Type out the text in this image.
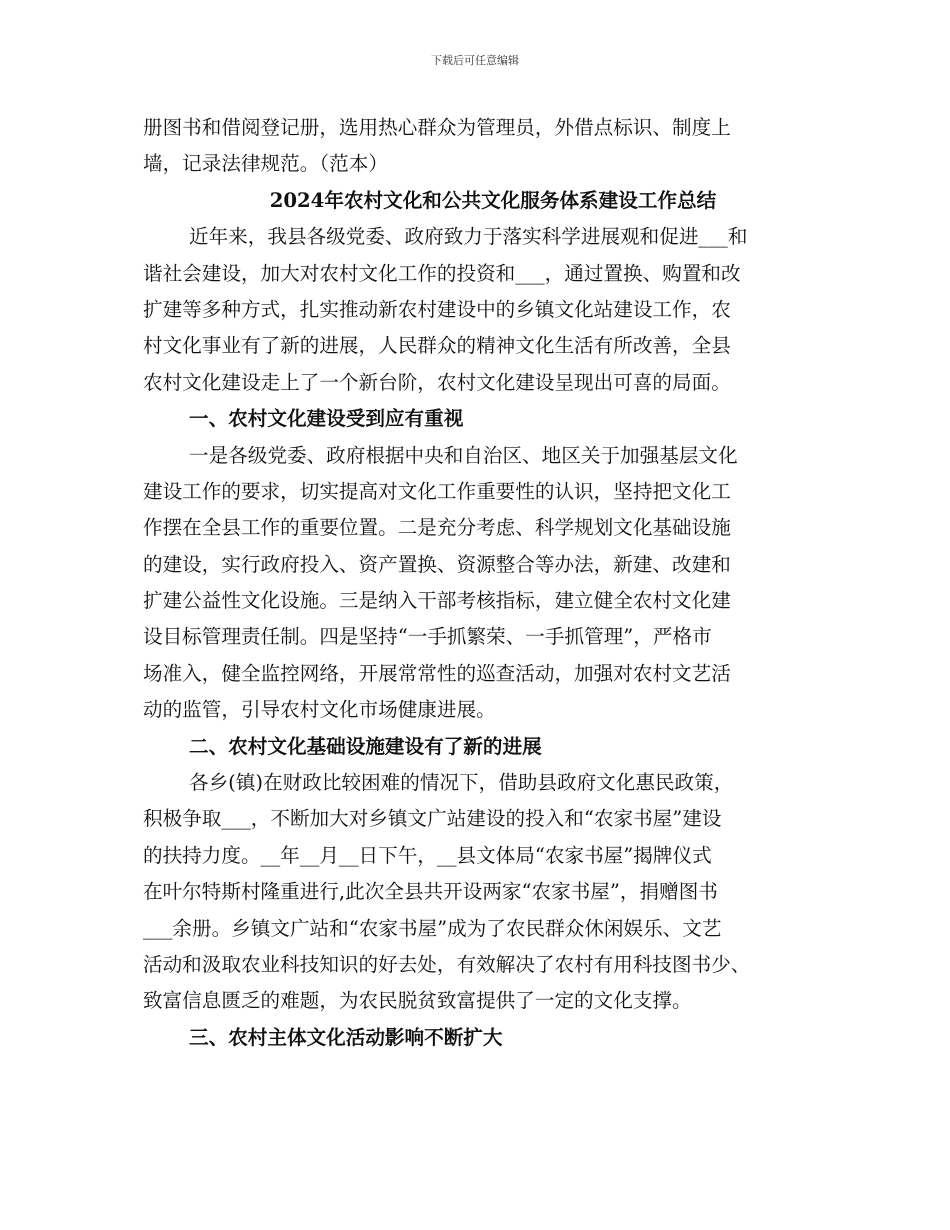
下载后可任意编辑
册图书和借阅登记册，选用热心群众为管理员，外借点标识、制度上
墙，记录法律规范。（范本）
2024年农村文化和公共文化服务体系建设工作总结
近年来，我县各级党委、政府致力于落实科学进展观和促进___和
谐社会建设，加大对农村文化工作的投资和___，通过置换、购置和改
扩建等多种方式，扎实推动新农村建设中的乡镇文化站建设工作，农
村文化事业有了新的进展，人民群众的精神文化生活有所改善，全县
农村文化建设走上了一个新台阶，农村文化建设呈现出可喜的局面。
一、农村文化建设受到应有重视
一是各级党委、政府根据中央和自治区、地区关于加强基层文化
建设工作的要求，切实提高对文化工作重要性的认识，坚持把文化工
作摆在全县工作的重要位置。二是充分考虑、科学规划文化基础设施
的建设，实行政府投入、资产置换、资源整合等办法，新建、改建和
扩建公益性文化设施。三是纳入干部考核指标，建立健全农村文化建
设目标管理责任制。四是坚持“一手抓繁荣、一手抓管理”，严格市
场准入，健全监控网络，开展常常性的巡查活动，加强对农村文艺活
动的监管，引导农村文化市场健康进展。
二、农村文化基础设施建设有了新的进展
各乡(镇)在财政比较困难的情况下，借助县政府文化惠民政策，
积极争取___，不断加大对乡镇文广站建设的投入和“农家书屋”建设
的扶持力度。__年__月__日下午，__县文体局“农家书屋”揭牌仪式
在叶尔特斯村隆重进行,此次全县共开设两家“农家书屋”，捐赠图书
___余册。乡镇文广站和“农家书屋”成为了农民群众休闲娱乐、文艺
活动和汲取农业科技知识的好去处，有效解决了农村有用科技图书少、
致富信息匮乏的难题，为农民脱贫致富提供了一定的文化支撑。
三、农村主体文化活动影响不断扩大
